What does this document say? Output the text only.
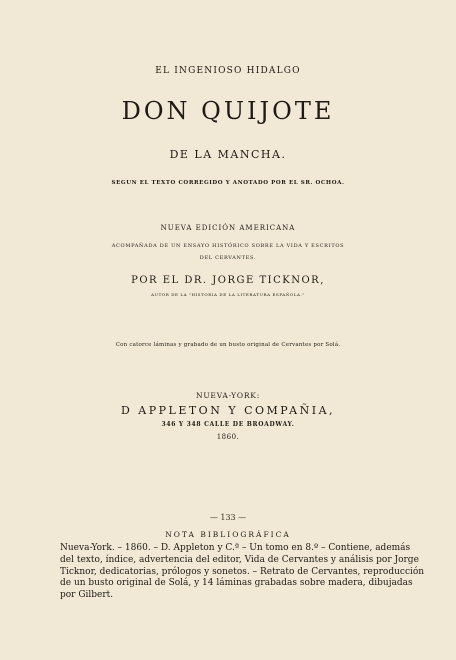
EL INGENIOSO HIDALGO
DON QUIJOTE
DE LA MANCHA.
SEGUN EL TEXTO CORREGIDO Y ANOTADO POR EL SR. OCHOA.
NUEVA EDICIÓN AMERICANA
ACOMPAÑADA DE UN ENSAYO HISTÓRICO SOBRE LA VIDA Y ESCRITOS
DEL CERVANTES.
POR EL DR. JORGE TICKNOR,
AUTOR DE LA "HISTORIA DE LA LITERATURA ESPAÑOLA."
Con catorce láminas y grabado de un busto original de Cervantes por Solá.
NUEVA-YORK:
D APPLETON Y COMPAÑIA,
346 Y 348 CALLE DE BROADWAY.
1860.
— 133 —
NOTA BIBLIOGRÁFICA
Nueva-York. – 1860. – D. Appleton y C.ª – Un tomo en 8.º – Contiene, además
del texto, índice, advertencia del editor, Vida de Cervantes y análisis por Jorge
Ticknor, dedicatorias, prólogos y sonetos. – Retrato de Cervantes, reproducción
de un busto original de Solá, y 14 láminas grabadas sobre madera, dibujadas
por Gilbert.
